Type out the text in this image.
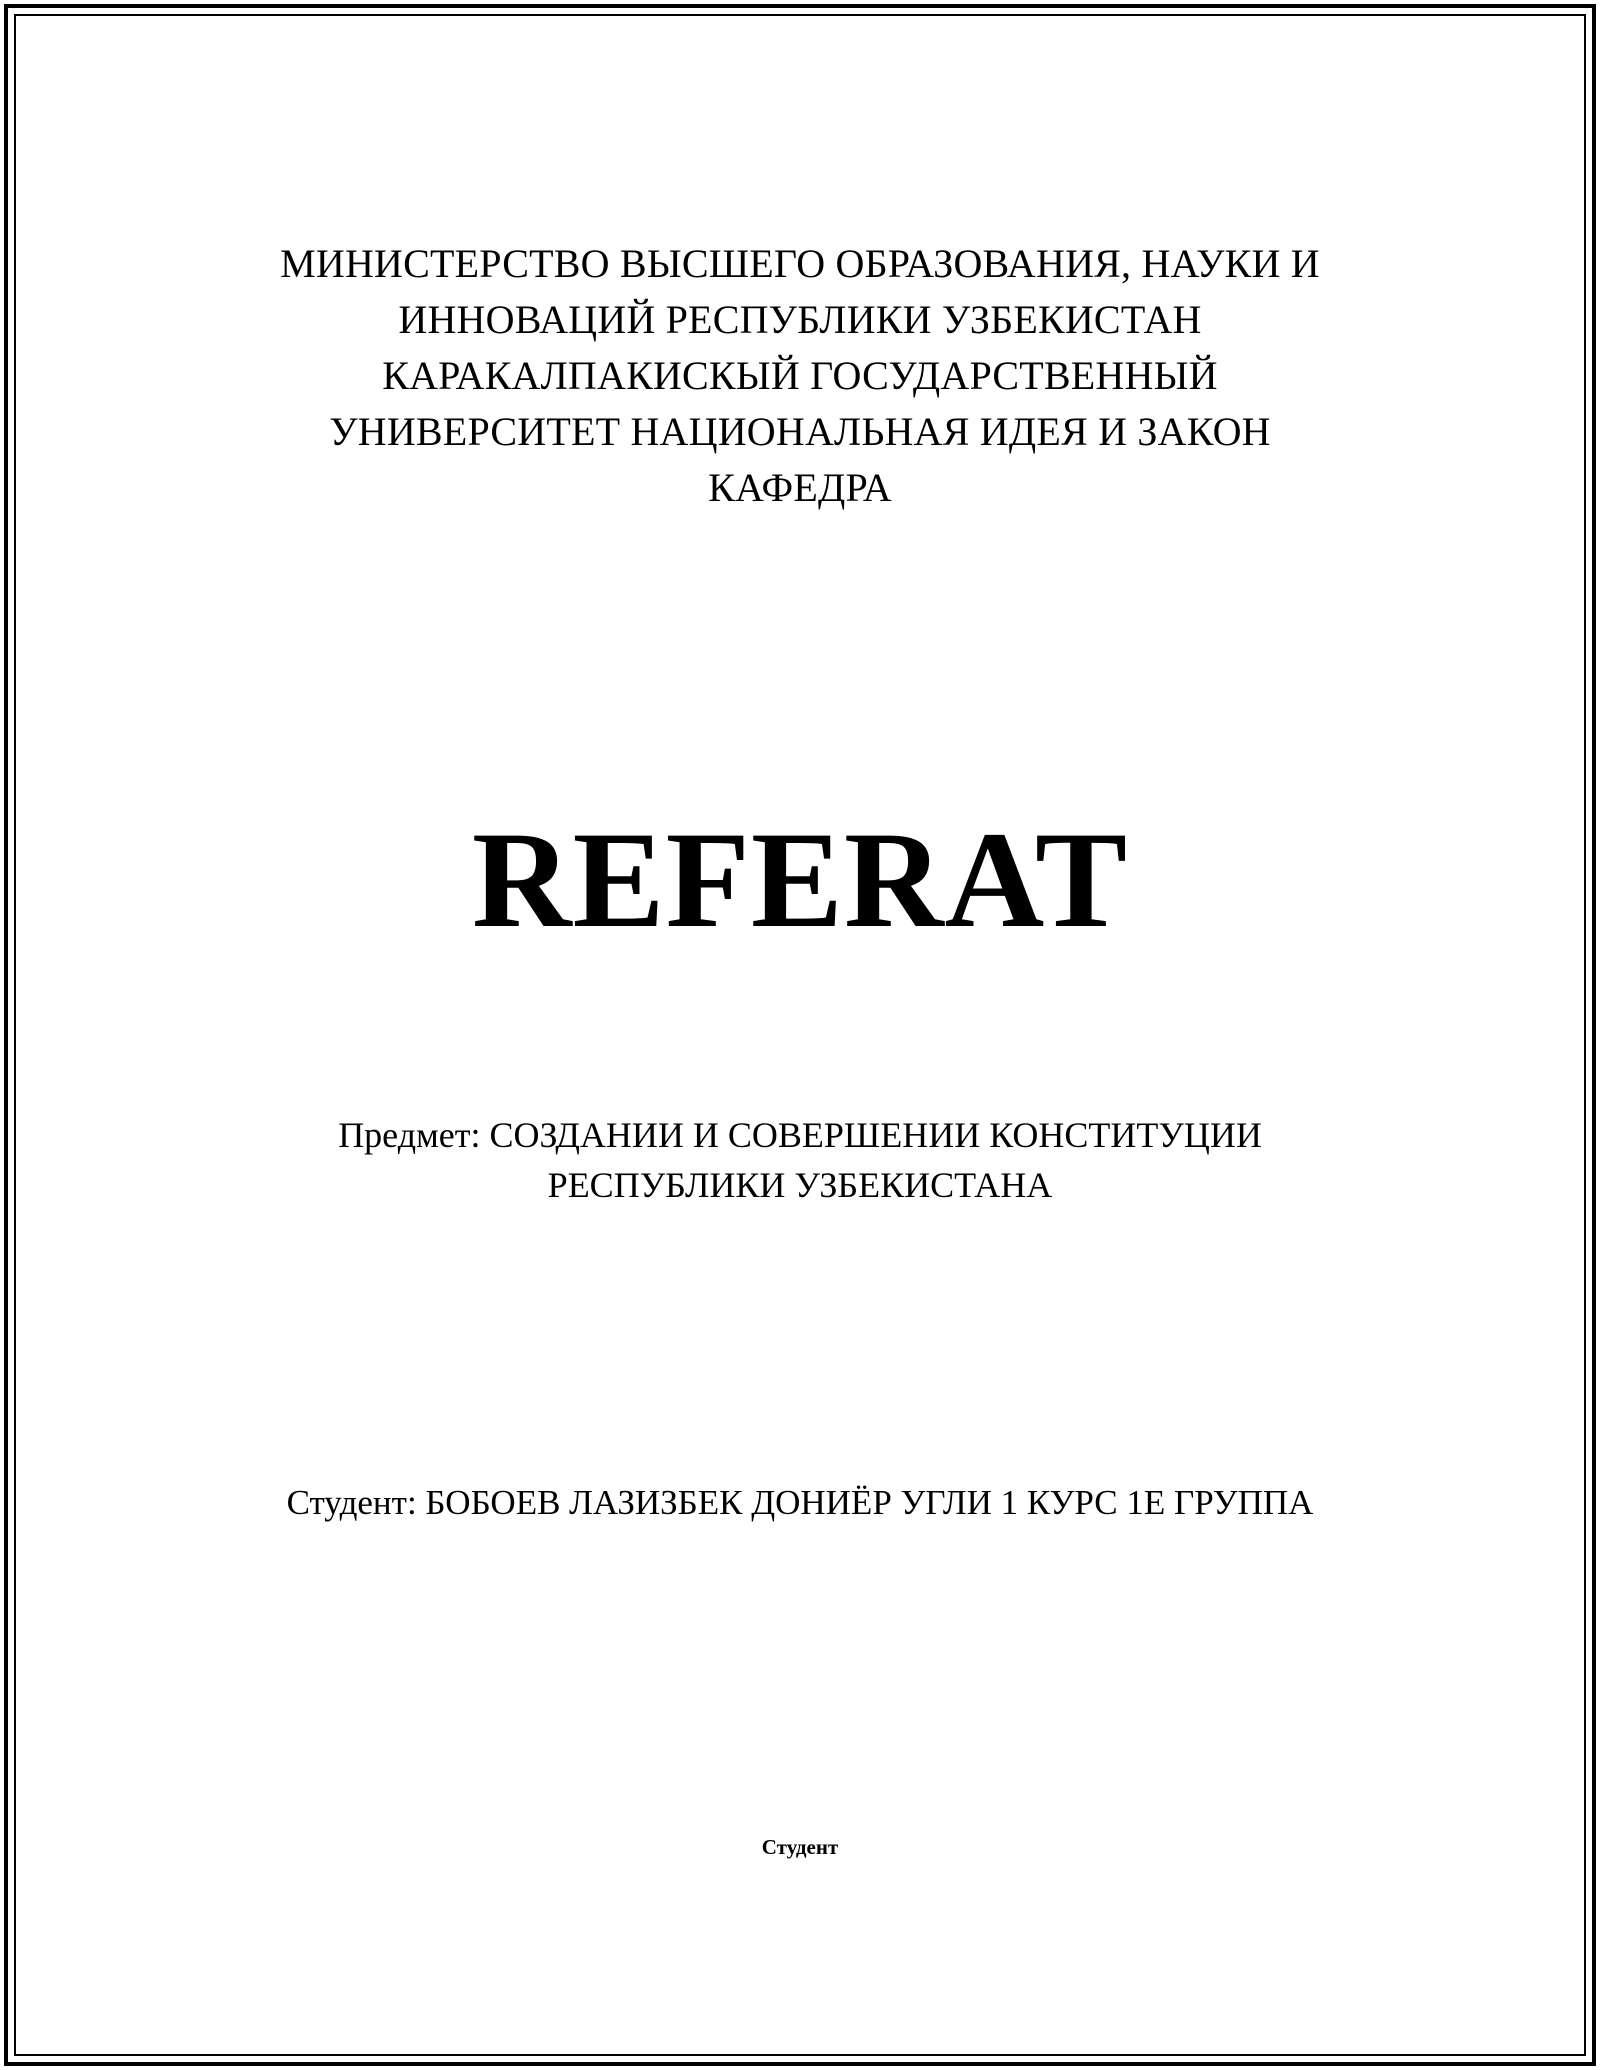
МИНИСТЕРСТВО ВЫСШЕГО ОБРАЗОВАНИЯ, НАУКИ И
ИННОВАЦИЙ РЕСПУБЛИКИ УЗБЕКИСТАН
КАРАКАЛПАКИСКЫЙ ГОСУДАРСТВЕННЫЙ
УНИВЕРСИТЕТ НАЦИОНАЛЬНАЯ ИДЕЯ И ЗАКОН
КАФЕДРА
REFERAT
Предмет: СОЗДАНИИ И СОВЕРШЕНИИ КОНСТИТУЦИИ
РЕСПУБЛИКИ УЗБЕКИСТАНА
Студент: БОБОЕВ ЛАЗИЗБЕК ДОНИЁР УГЛИ 1 КУРС 1Е ГРУППА
Студент
